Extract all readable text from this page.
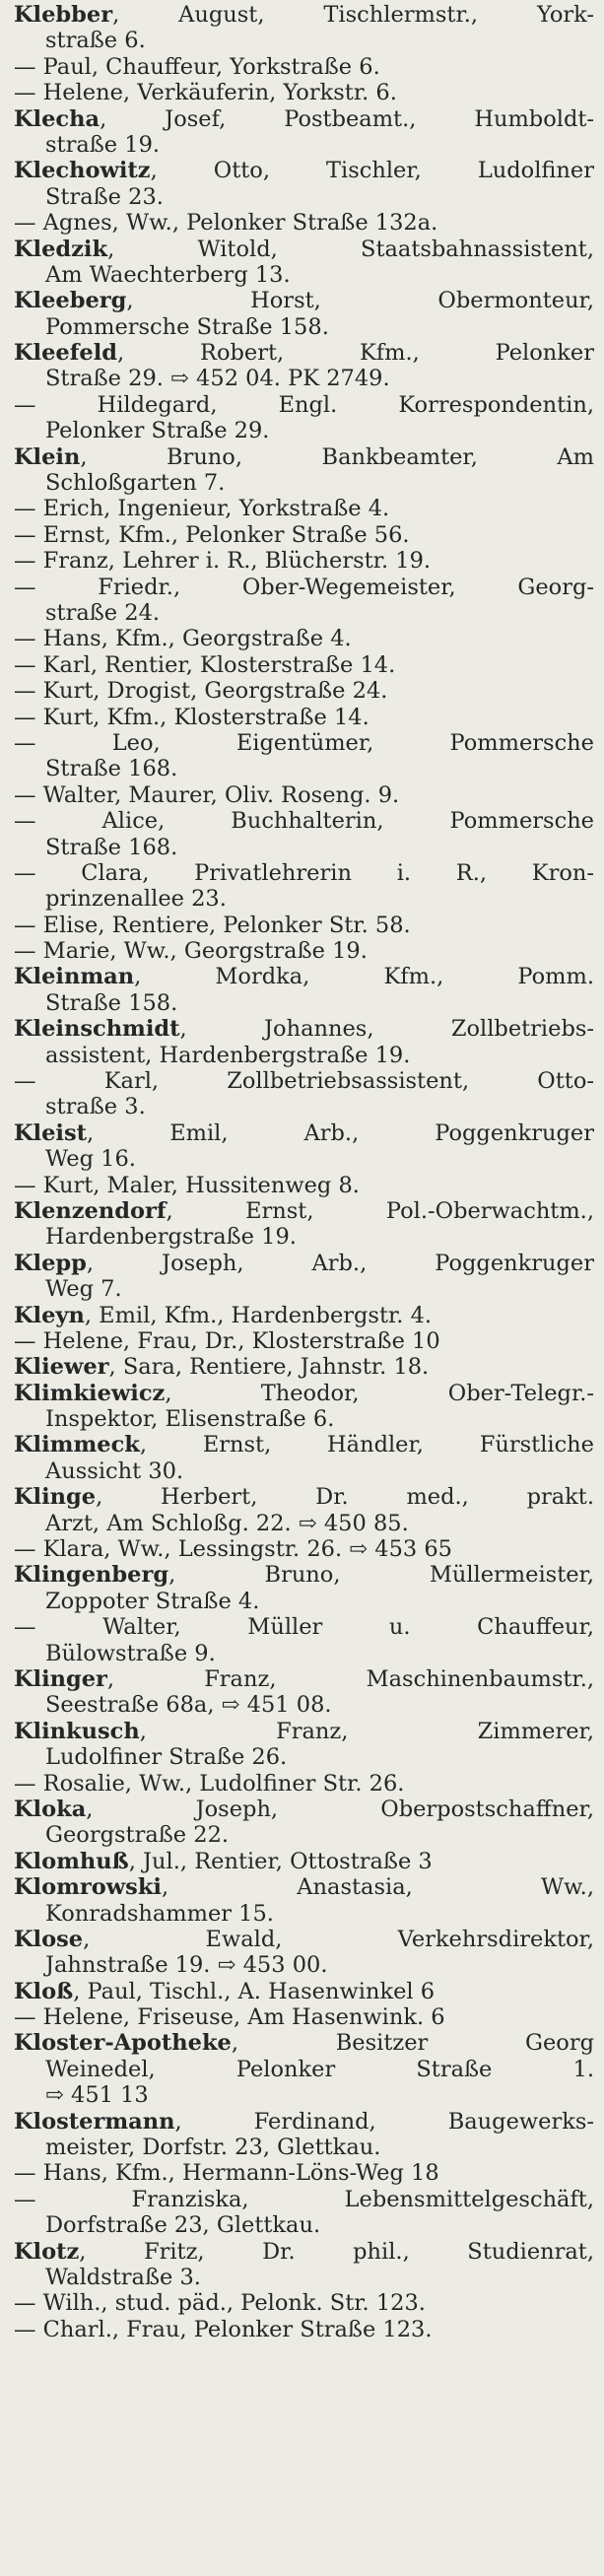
Klebber, August, Tischlermstr., York-
straße 6.
— Paul, Chauffeur, Yorkstraße 6.
— Helene, Verkäuferin, Yorkstr. 6.
Klecha, Josef, Postbeamt., Humboldt-
straße 19.
Klechowitz, Otto, Tischler, Ludolfiner
Straße 23.
— Agnes, Ww., Pelonker Straße 132a.
Kledzik, Witold, Staatsbahnassistent,
Am Waechterberg 13.
Kleeberg, Horst, Obermonteur,
Pommersche Straße 158.
Kleefeld, Robert, Kfm., Pelonker
Straße 29. ⇨ 452 04. PK 2749.
— Hildegard, Engl. Korrespondentin,
Pelonker Straße 29.
Klein, Bruno, Bankbeamter, Am
Schloßgarten 7.
— Erich, Ingenieur, Yorkstraße 4.
— Ernst, Kfm., Pelonker Straße 56.
— Franz, Lehrer i. R., Blücherstr. 19.
— Friedr., Ober-Wegemeister, Georg-
straße 24.
— Hans, Kfm., Georgstraße 4.
— Karl, Rentier, Klosterstraße 14.
— Kurt, Drogist, Georgstraße 24.
— Kurt, Kfm., Klosterstraße 14.
— Leo, Eigentümer, Pommersche
Straße 168.
— Walter, Maurer, Oliv. Roseng. 9.
— Alice, Buchhalterin, Pommersche
Straße 168.
— Clara, Privatlehrerin i. R., Kron-
prinzenallee 23.
— Elise, Rentiere, Pelonker Str. 58.
— Marie, Ww., Georgstraße 19.
Kleinman, Mordka, Kfm., Pomm.
Straße 158.
Kleinschmidt, Johannes, Zollbetriebs-
assistent, Hardenbergstraße 19.
— Karl, Zollbetriebsassistent, Otto-
straße 3.
Kleist, Emil, Arb., Poggenkruger
Weg 16.
— Kurt, Maler, Hussitenweg 8.
Klenzendorf, Ernst, Pol.-Oberwachtm.,
Hardenbergstraße 19.
Klepp, Joseph, Arb., Poggenkruger
Weg 7.
Kleyn, Emil, Kfm., Hardenbergstr. 4.
— Helene, Frau, Dr., Klosterstraße 10
Kliewer, Sara, Rentiere, Jahnstr. 18.
Klimkiewicz, Theodor, Ober-Telegr.-
Inspektor, Elisenstraße 6.
Klimmeck, Ernst, Händler, Fürstliche
Aussicht 30.
Klinge, Herbert, Dr. med., prakt.
Arzt, Am Schloßg. 22. ⇨ 450 85.
— Klara, Ww., Lessingstr. 26. ⇨ 453 65
Klingenberg, Bruno, Müllermeister,
Zoppoter Straße 4.
— Walter, Müller u. Chauffeur,
Bülowstraße 9.
Klinger, Franz, Maschinenbaumstr.,
Seestraße 68a, ⇨ 451 08.
Klinkusch, Franz, Zimmerer,
Ludolfiner Straße 26.
— Rosalie, Ww., Ludolfiner Str. 26.
Kloka, Joseph, Oberpostschaffner,
Georgstraße 22.
Klomhuß, Jul., Rentier, Ottostraße 3
Klomrowski, Anastasia, Ww.,
Konradshammer 15.
Klose, Ewald, Verkehrsdirektor,
Jahnstraße 19. ⇨ 453 00.
Kloß, Paul, Tischl., A. Hasenwinkel 6
— Helene, Friseuse, Am Hasenwink. 6
Kloster-Apotheke, Besitzer Georg
Weinedel, Pelonker Straße 1.
⇨ 451 13
Klostermann, Ferdinand, Baugewerks-
meister, Dorfstr. 23, Glettkau.
— Hans, Kfm., Hermann-Löns-Weg 18
— Franziska, Lebensmittelgeschäft,
Dorfstraße 23, Glettkau.
Klotz, Fritz, Dr. phil., Studienrat,
Waldstraße 3.
— Wilh., stud. päd., Pelonk. Str. 123.
— Charl., Frau, Pelonker Straße 123.
